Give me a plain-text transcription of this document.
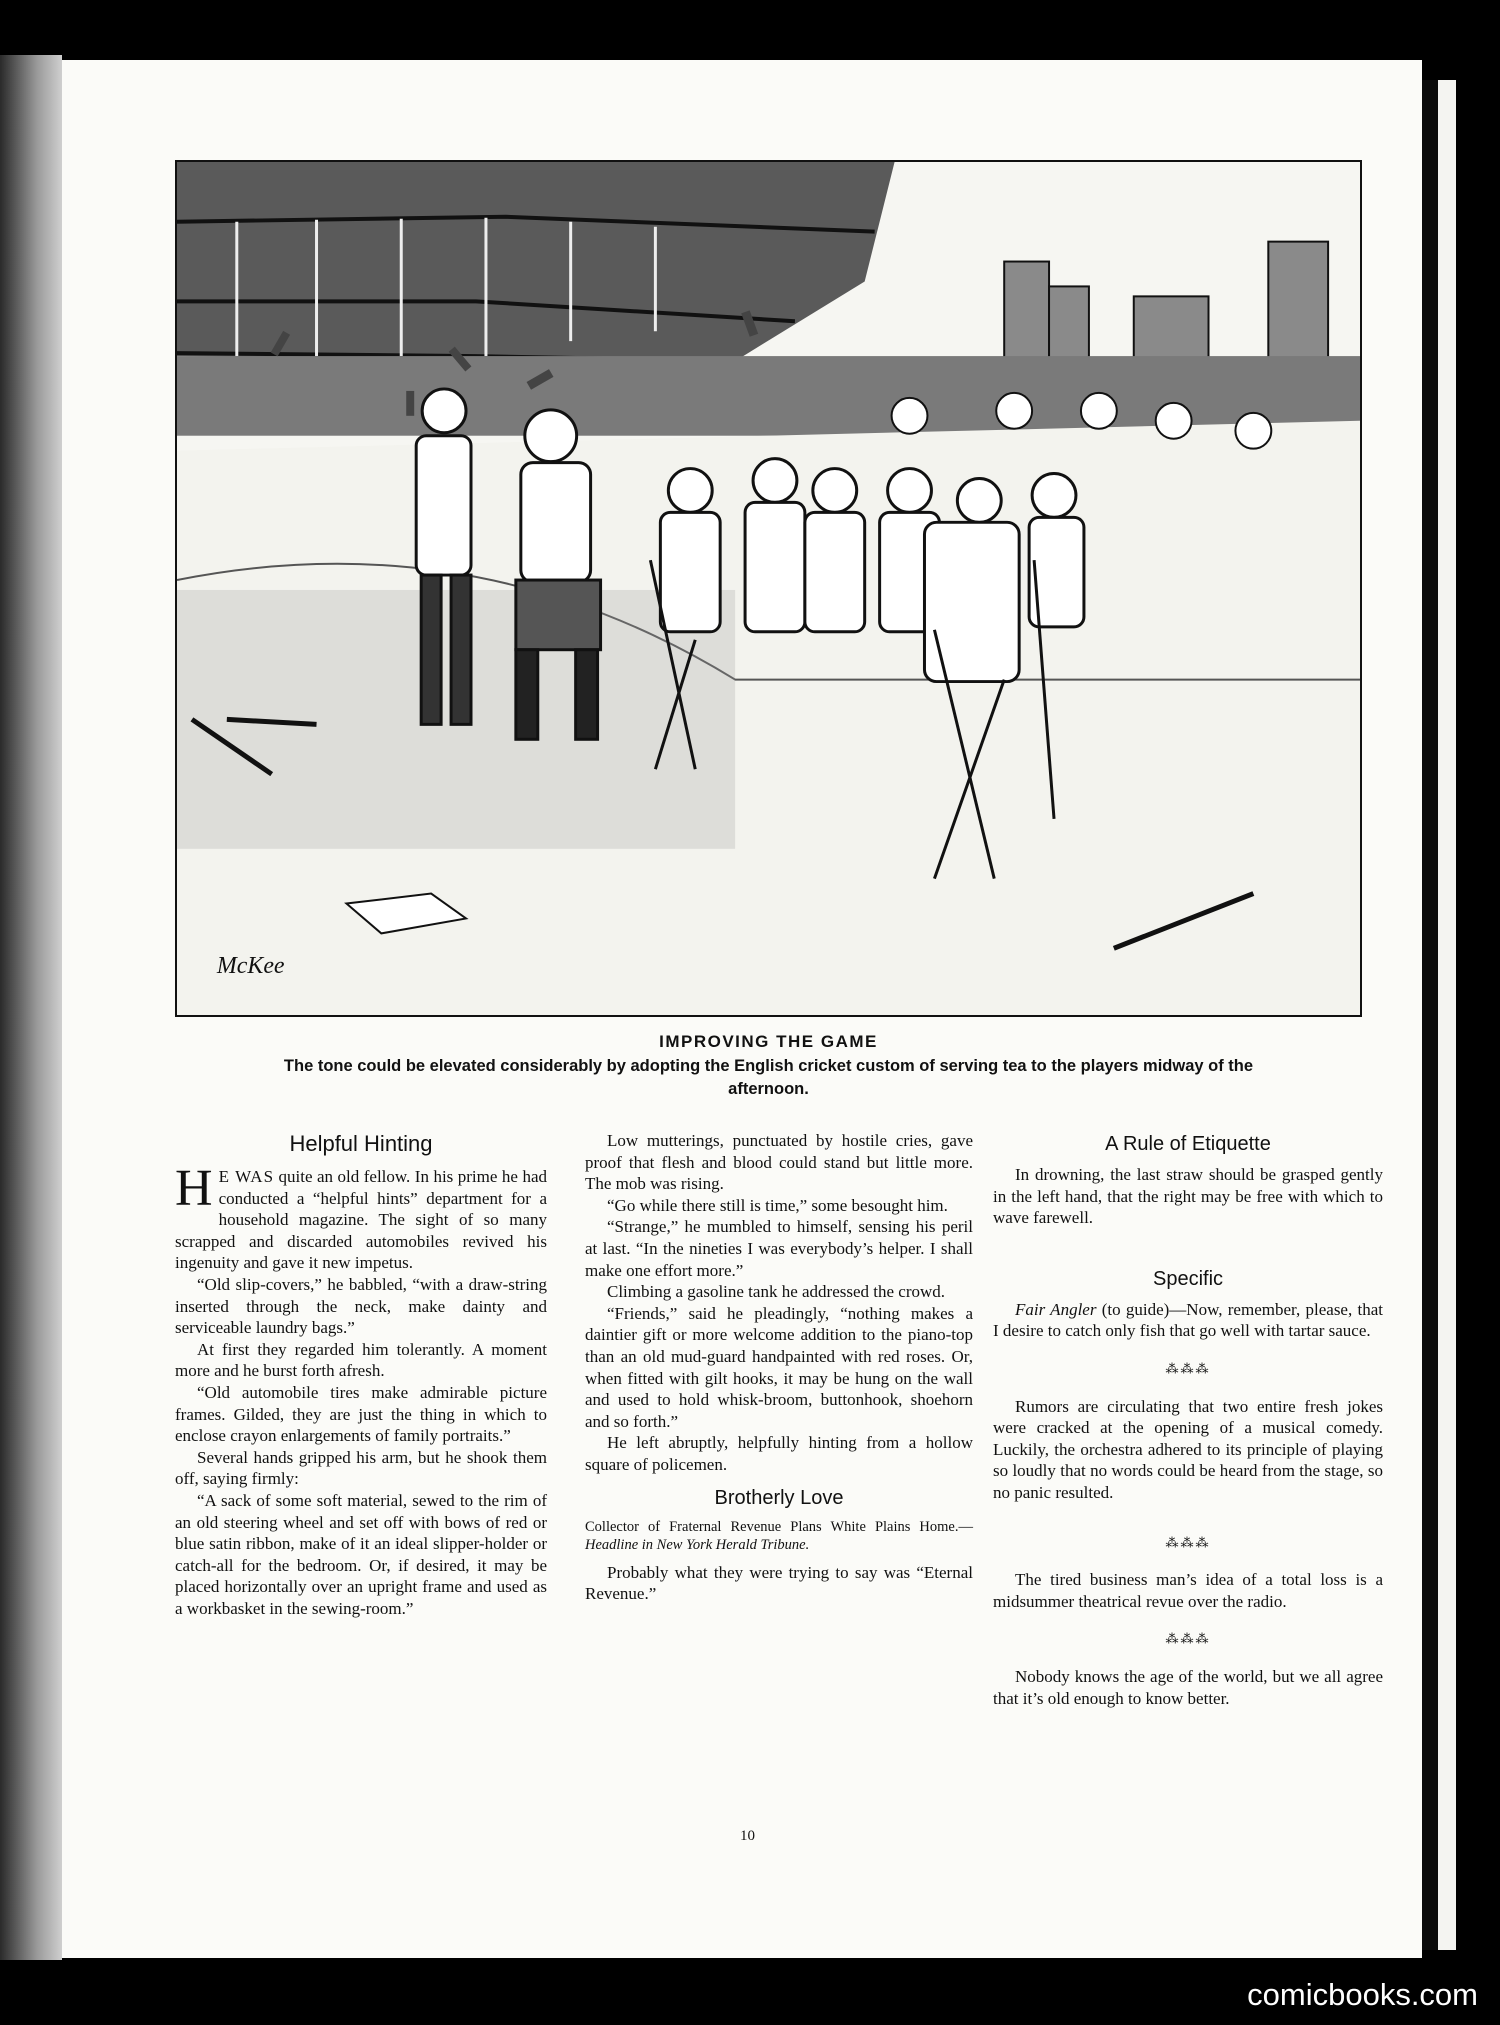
McKee
IMPROVING THE GAME
The tone could be elevated considerably by adopting the English cricket custom of serving tea to the players midway of the afternoon.
Helpful Hinting

H E WAS quite an old fellow. In his prime he had conducted a “helpful hints” department for a household magazine. The sight of so many scrapped and discarded automobiles revived his ingenuity and gave it new impetus.

“Old slip-covers,” he babbled, “with a draw-string inserted through the neck, make dainty and serviceable laundry bags.”

At first they regarded him tolerantly. A moment more and he burst forth afresh.

“Old automobile tires make admirable picture frames. Gilded, they are just the thing in which to enclose crayon enlargements of family portraits.”

Several hands gripped his arm, but he shook them off, saying firmly:

“A sack of some soft material, sewed to the rim of an old steering wheel and set off with bows of red or blue satin ribbon, make of it an ideal slipper-holder or catch-all for the bedroom. Or, if desired, it may be placed horizontally over an upright frame and used as a workbasket in the sewing-room.”

Low mutterings, punctuated by hostile cries, gave proof that flesh and blood could stand but little more. The mob was rising.

“Go while there still is time,” some besought him.

“Strange,” he mumbled to himself, sensing his peril at last. “In the nineties I was everybody’s helper. I shall make one effort more.”

Climbing a gasoline tank he addressed the crowd.

“Friends,” said he pleadingly, “nothing makes a daintier gift or more welcome addition to the piano-top than an old mud-guard handpainted with red roses. Or, when fitted with gilt hooks, it may be hung on the wall and used to hold whisk-broom, buttonhook, shoehorn and so forth.”

He left abruptly, helpfully hinting from a hollow square of policemen.

Brotherly Love

Collector of Fraternal Revenue Plans White Plains Home.—Headline in New York Herald Tribune.

Probably what they were trying to say was “Eternal Revenue.”

A Rule of Etiquette

In drowning, the last straw should be grasped gently in the left hand, that the right may be free with which to wave farewell.

Specific

Fair Angler (to guide)—Now, remember, please, that I desire to catch only fish that go well with tartar sauce.

⁂⁂⁂

Rumors are circulating that two entire fresh jokes were cracked at the opening of a musical comedy. Luckily, the orchestra adhered to its principle of playing so loudly that no words could be heard from the stage, so no panic resulted.

⁂⁂⁂

The tired business man’s idea of a total loss is a midsummer theatrical revue over the radio.

⁂⁂⁂

Nobody knows the age of the world, but we all agree that it’s old enough to know better.

10
comicbooks.com
